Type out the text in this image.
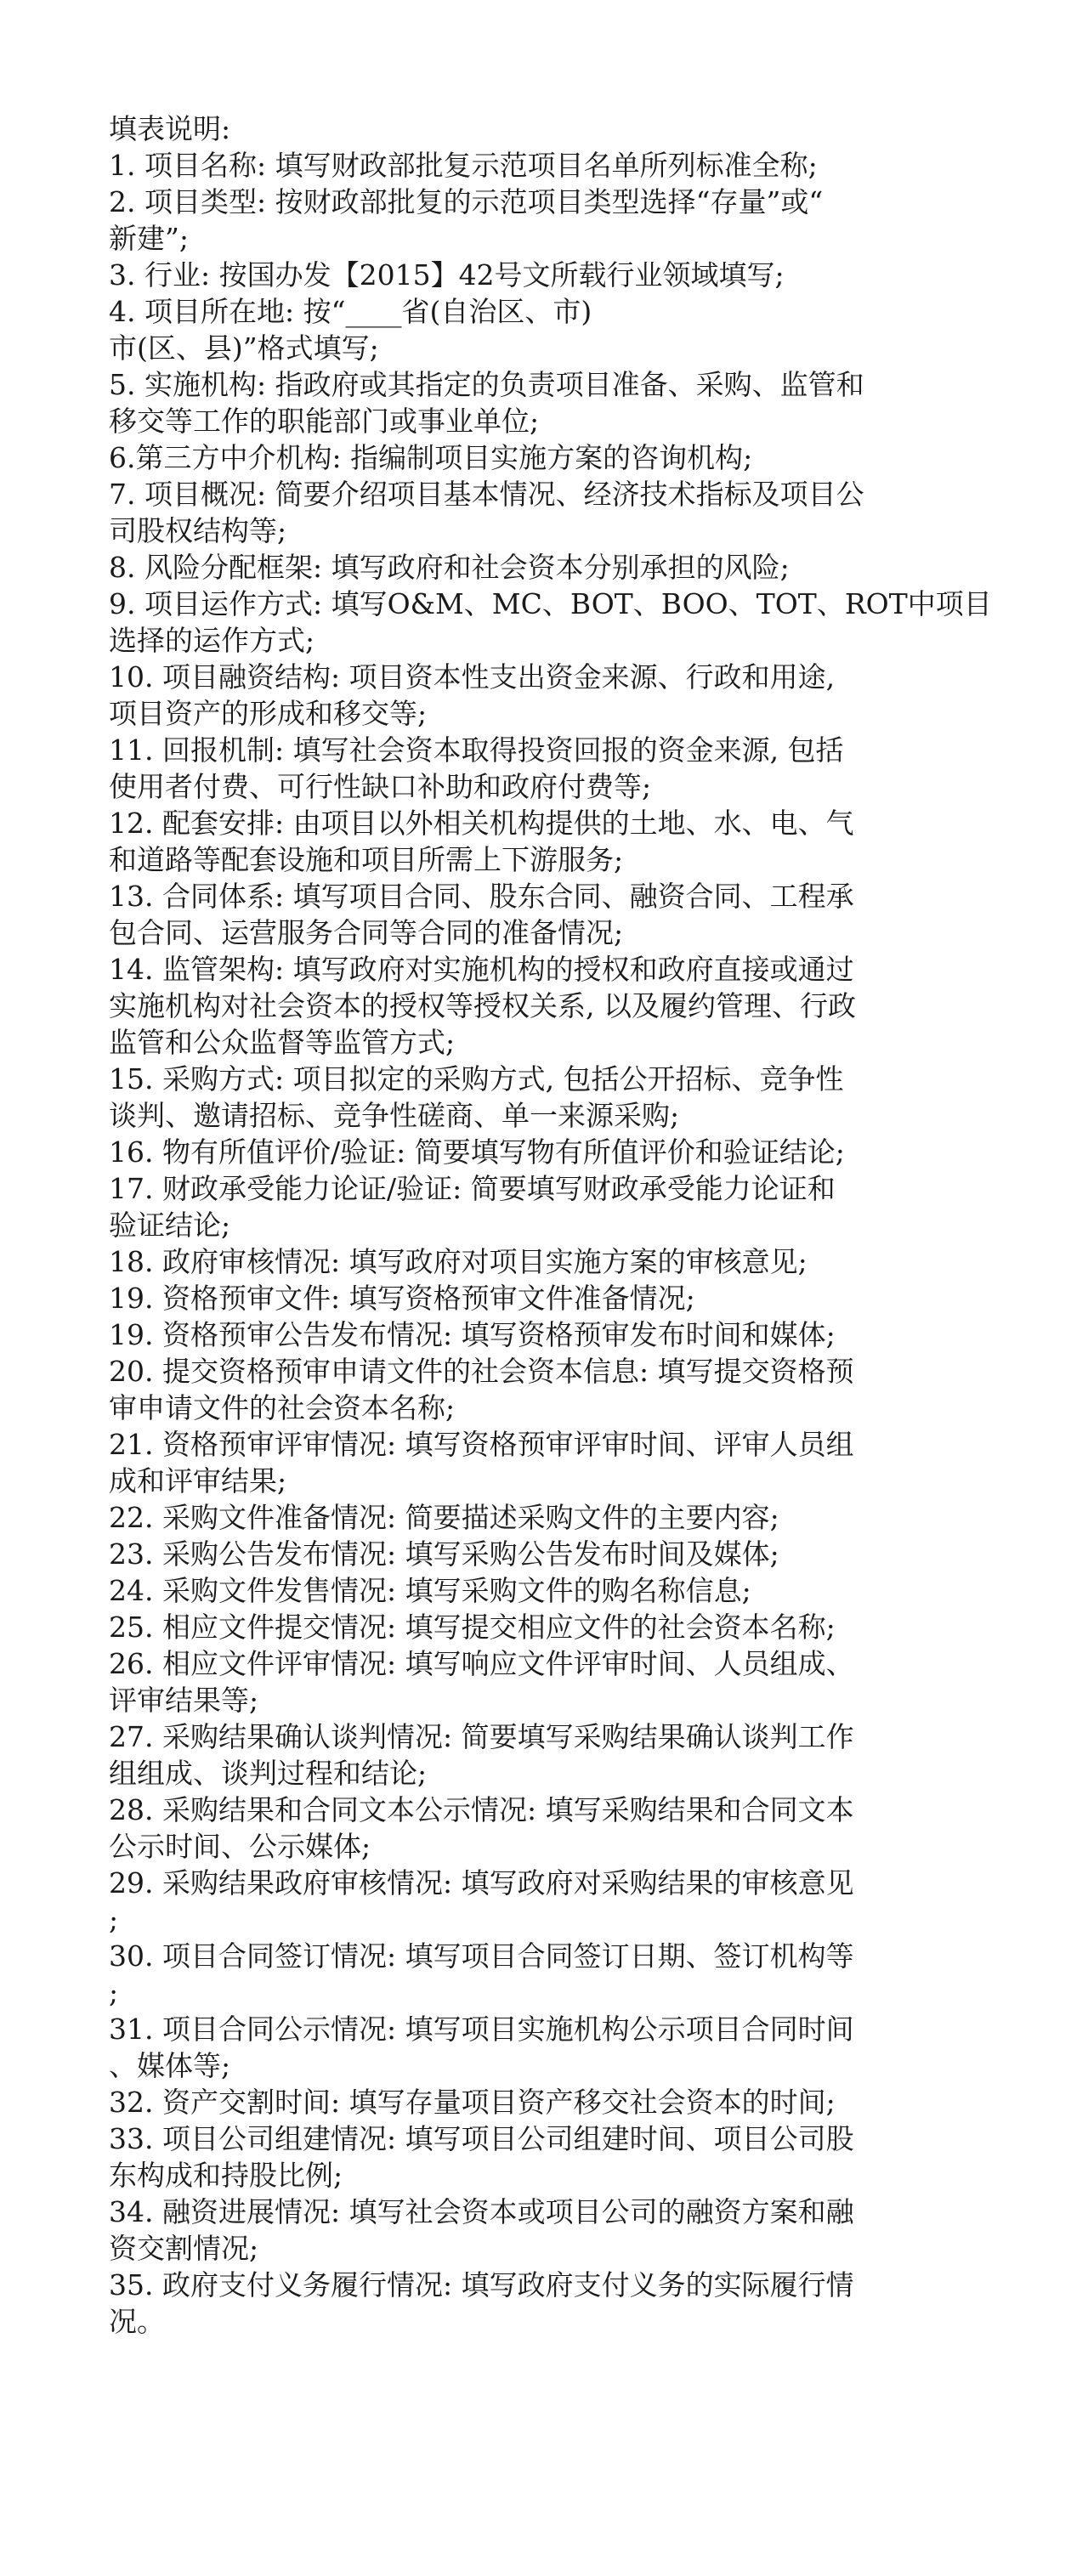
填表说明:
1. 项目名称: 填写财政部批复示范项目名单所列标准全称;
2. 项目类型: 按财政部批复的示范项目类型选择“存量”或“
新建”;
3. 行业: 按国办发【2015】42号文所载行业领域填写;
4. 项目所在地: 按“____省(自治区、市)
市(区、县)”格式填写;
5. 实施机构: 指政府或其指定的负责项目准备、采购、监管和
移交等工作的职能部门或事业单位;
6.第三方中介机构: 指编制项目实施方案的咨询机构;
7. 项目概况: 简要介绍项目基本情况、经济技术指标及项目公
司股权结构等;
8. 风险分配框架: 填写政府和社会资本分别承担的风险;
9. 项目运作方式: 填写O&M、MC、BOT、BOO、TOT、ROT中项目
选择的运作方式;
10. 项目融资结构: 项目资本性支出资金来源、行政和用途,
项目资产的形成和移交等;
11. 回报机制: 填写社会资本取得投资回报的资金来源, 包括
使用者付费、可行性缺口补助和政府付费等;
12. 配套安排: 由项目以外相关机构提供的土地、水、电、气
和道路等配套设施和项目所需上下游服务;
13. 合同体系: 填写项目合同、股东合同、融资合同、工程承
包合同、运营服务合同等合同的准备情况;
14. 监管架构: 填写政府对实施机构的授权和政府直接或通过
实施机构对社会资本的授权等授权关系, 以及履约管理、行政
监管和公众监督等监管方式;
15. 采购方式: 项目拟定的采购方式, 包括公开招标、竞争性
谈判、邀请招标、竞争性磋商、单一来源采购;
16. 物有所值评价/验证: 简要填写物有所值评价和验证结论;
17. 财政承受能力论证/验证: 简要填写财政承受能力论证和
验证结论;
18. 政府审核情况: 填写政府对项目实施方案的审核意见;
19. 资格预审文件: 填写资格预审文件准备情况;
19. 资格预审公告发布情况: 填写资格预审发布时间和媒体;
20. 提交资格预审申请文件的社会资本信息: 填写提交资格预
审申请文件的社会资本名称;
21. 资格预审评审情况: 填写资格预审评审时间、评审人员组
成和评审结果;
22. 采购文件准备情况: 简要描述采购文件的主要内容;
23. 采购公告发布情况: 填写采购公告发布时间及媒体;
24. 采购文件发售情况: 填写采购文件的购名称信息;
25. 相应文件提交情况: 填写提交相应文件的社会资本名称;
26. 相应文件评审情况: 填写响应文件评审时间、人员组成、
评审结果等;
27. 采购结果确认谈判情况: 简要填写采购结果确认谈判工作
组组成、谈判过程和结论;
28. 采购结果和合同文本公示情况: 填写采购结果和合同文本
公示时间、公示媒体;
29. 采购结果政府审核情况: 填写政府对采购结果的审核意见
;
30. 项目合同签订情况: 填写项目合同签订日期、签订机构等
;
31. 项目合同公示情况: 填写项目实施机构公示项目合同时间
、媒体等;
32. 资产交割时间: 填写存量项目资产移交社会资本的时间;
33. 项目公司组建情况: 填写项目公司组建时间、项目公司股
东构成和持股比例;
34. 融资进展情况: 填写社会资本或项目公司的融资方案和融
资交割情况;
35. 政府支付义务履行情况: 填写政府支付义务的实际履行情
况。
